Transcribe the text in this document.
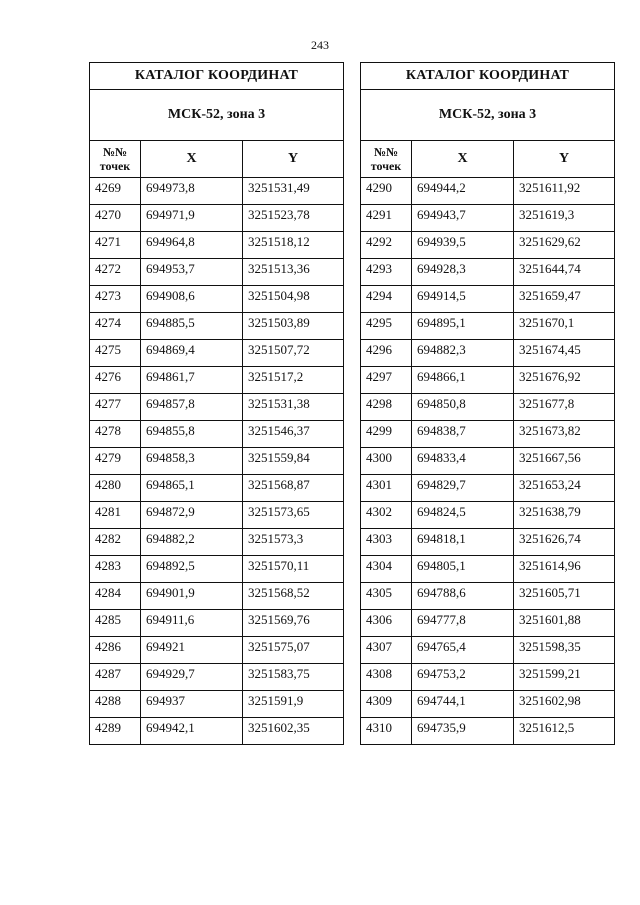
243
КАТАЛОГ КООРДИНАТ		
МСК-52, зона 3		

№№
точек	X	Y
4269	694973,8	3251531,49
4270	694971,9	3251523,78
4271	694964,8	3251518,12
4272	694953,7	3251513,36
4273	694908,6	3251504,98
4274	694885,5	3251503,89
4275	694869,4	3251507,72
4276	694861,7	3251517,2
4277	694857,8	3251531,38
4278	694855,8	3251546,37
4279	694858,3	3251559,84
4280	694865,1	3251568,87
4281	694872,9	3251573,65
4282	694882,2	3251573,3
4283	694892,5	3251570,11
4284	694901,9	3251568,52
4285	694911,6	3251569,76
4286	694921	3251575,07
4287	694929,7	3251583,75
4288	694937	3251591,9
4289	694942,1	3251602,35
КАТАЛОГ КООРДИНАТ		
МСК-52, зона 3		

№№
точек	X	Y
4290	694944,2	3251611,92
4291	694943,7	3251619,3
4292	694939,5	3251629,62
4293	694928,3	3251644,74
4294	694914,5	3251659,47
4295	694895,1	3251670,1
4296	694882,3	3251674,45
4297	694866,1	3251676,92
4298	694850,8	3251677,8
4299	694838,7	3251673,82
4300	694833,4	3251667,56
4301	694829,7	3251653,24
4302	694824,5	3251638,79
4303	694818,1	3251626,74
4304	694805,1	3251614,96
4305	694788,6	3251605,71
4306	694777,8	3251601,88
4307	694765,4	3251598,35
4308	694753,2	3251599,21
4309	694744,1	3251602,98
4310	694735,9	3251612,5
